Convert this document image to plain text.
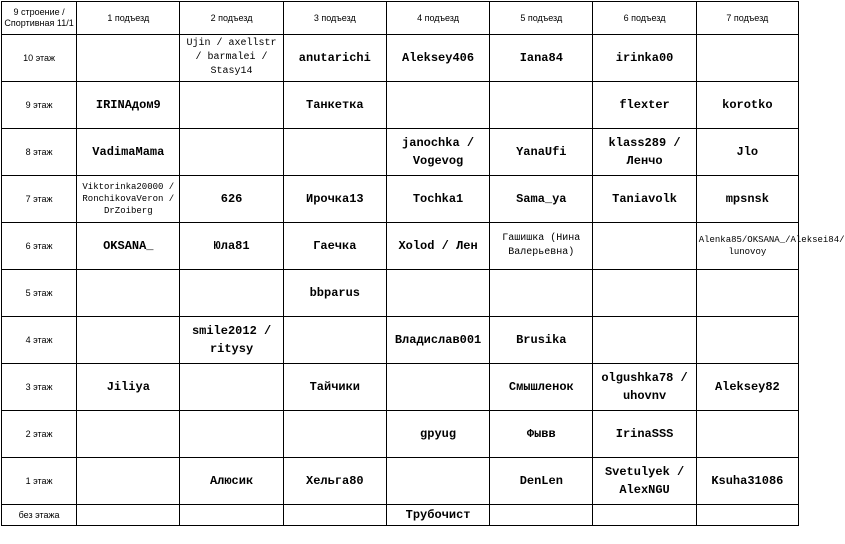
9 строение / Спортивная 11/1	1 подъезд	2 подъезд	3 подъезд	4 подъезд	5 подъезд	6 подъезд	7 подъезд
10 этаж		Ujin / axellstr / barmalei / Stasy14	anutarichi	Aleksey406	Iana84	irinka00	
9 этаж	IRINAдом9		Танкетка			flexter	korotko
8 этаж	VadimaMama			janochka / Vogevog	YanaUfi	klass289 / Ленчо	Jlo
7 этаж	Viktorinka20000 / RonchikovaVeron / DrZoiberg	626	Ирочка13	Tochka1	Sama_ya	Taniavolk	mpsnsk
6 этаж	OKSANA_	Юла81	Гаечка	Xolod / Лен	Гашишка (Нина Валерьевна)		Alenka85/OKSANA_/Aleksei84/ lunovoy
5 этаж			bbparus				
4 этаж		smile2012 / ritysy		Владислав001	Brusika		
3 этаж	Jiliya		Тайчики		Смышленок	olgushka78 / uhovnv	Aleksey82
2 этаж				gpyug	Фывв	IrinaSSS	
1 этаж		Алюсик	Хельга80		DenLen	Svetulyek / AlexNGU	Ksuha31086
без этажа				Трубочист			
